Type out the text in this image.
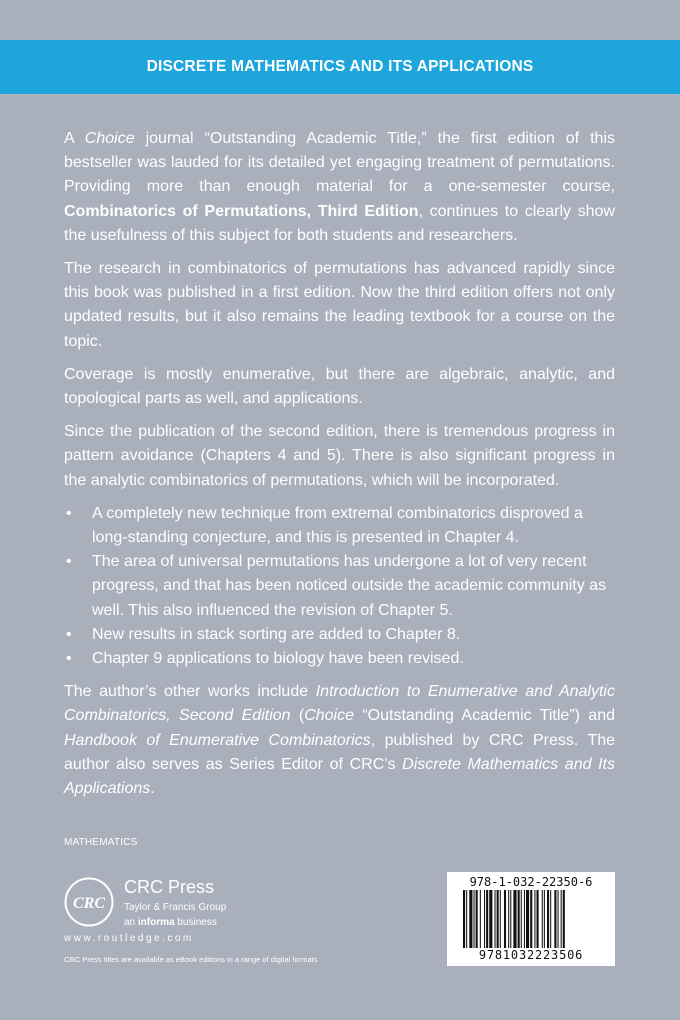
DISCRETE MATHEMATICS AND ITS APPLICATIONS

A Choice journal “Outstanding Academic Title,” the first edition of this bestseller was lauded for its detailed yet engaging treatment of permutations. Providing more than enough material for a one-semester course, Combinatorics of Permutations, Third Edition, continues to clearly show the usefulness of this subject for both students and researchers.

The research in combinatorics of permutations has advanced rapidly since this book was published in a first edition. Now the third edition offers not only updated results, but it also remains the leading textbook for a course on the topic.

Coverage is mostly enumerative, but there are algebraic, analytic, and topological parts as well, and applications.

Since the publication of the second edition, there is tremendous progress in pattern avoidance (Chapters 4 and 5). There is also significant progress in the analytic combinatorics of permutations, which will be incorporated.

• A completely new technique from extremal combinatorics disproved a long-standing conjecture, and this is presented in Chapter 4.
• The area of universal permutations has undergone a lot of very recent progress, and that has been noticed outside the academic community as well. This also influenced the revision of Chapter 5.
• New results in stack sorting are added to Chapter 8.
• Chapter 9 applications to biology have been revised.

The author’s other works include Introduction to Enumerative and Analytic Combinatorics, Second Edition (Choice “Outstanding Academic Title”) and Handbook of Enumerative Combinatorics, published by CRC Press. The author also serves as Series Editor of CRC’s Discrete Mathematics and Its Applications.

MATHEMATICS
CRC
CRC Press
Taylor & Francis Group
an informa business
www.routledge.com
CRC Press titles are available as eBook editions in a range of digital formats
978-1-032-22350-6
9781032223506
